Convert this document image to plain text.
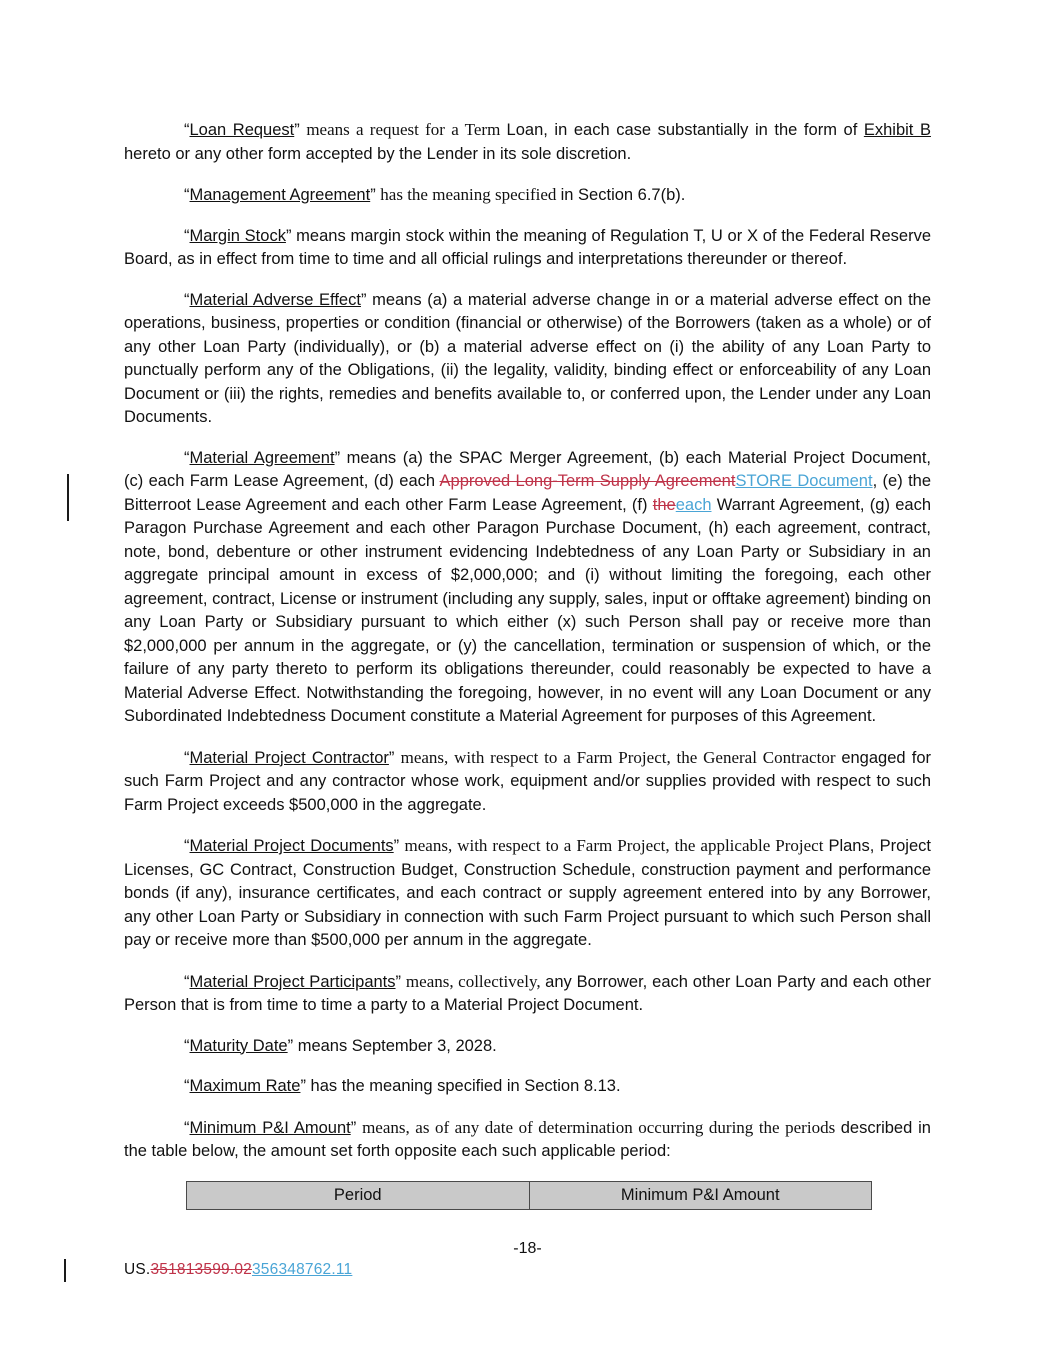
“Loan Request” means a request for a Term Loan, in each case substantially in the form of Exhibit B hereto or any other form accepted by the Lender in its sole discretion.

“Management Agreement” has the meaning specified in Section 6.7(b).

“Margin Stock” means margin stock within the meaning of Regulation T, U or X of the Federal Reserve Board, as in effect from time to time and all official rulings and interpretations thereunder or thereof.

“Material Adverse Effect” means (a) a material adverse change in or a material adverse effect on the operations, business, properties or condition (financial or otherwise) of the Borrowers (taken as a whole) or of any other Loan Party (individually), or (b) a material adverse effect on (i) the ability of any Loan Party to punctually perform any of the Obligations, (ii) the legality, validity, binding effect or enforceability of any Loan Document or (iii) the rights, remedies and benefits available to, or conferred upon, the Lender under any Loan Documents.

“Material Agreement” means (a) the SPAC Merger Agreement, (b) each Material Project Document, (c) each Farm Lease Agreement, (d) each Approved Long-Term Supply AgreementSTORE Document, (e) the Bitterroot Lease Agreement and each other Farm Lease Agreement, (f) theeach Warrant Agreement, (g) each Paragon Purchase Agreement and each other Paragon Purchase Document, (h) each agreement, contract, note, bond, debenture or other instrument evidencing Indebtedness of any Loan Party or Subsidiary in an aggregate principal amount in excess of $2,000,000; and (i) without limiting the foregoing, each other agreement, contract, License or instrument (including any supply, sales, input or offtake agreement) binding on any Loan Party or Subsidiary pursuant to which either (x) such Person shall pay or receive more than $2,000,000 per annum in the aggregate, or (y) the cancellation, termination or suspension of which, or the failure of any party thereto to perform its obligations thereunder, could reasonably be expected to have a Material Adverse Effect. Notwithstanding the foregoing, however, in no event will any Loan Document or any Subordinated Indebtedness Document constitute a Material Agreement for purposes of this Agreement.

“Material Project Contractor” means, with respect to a Farm Project, the General Contractor engaged for such Farm Project and any contractor whose work, equipment and/or supplies provided with respect to such Farm Project exceeds $500,000 in the aggregate.

“Material Project Documents” means, with respect to a Farm Project, the applicable Project Plans, Project Licenses, GC Contract, Construction Budget, Construction Schedule, construction payment and performance bonds (if any), insurance certificates, and each contract or supply agreement entered into by any Borrower, any other Loan Party or Subsidiary in connection with such Farm Project pursuant to which such Person shall pay or receive more than $500,000 per annum in the aggregate.

“Material Project Participants” means, collectively, any Borrower, each other Loan Party and each other Person that is from time to time a party to a Material Project Document.

“Maturity Date” means September 3, 2028.

“Maximum Rate” has the meaning specified in Section 8.13.

“Minimum P&I Amount” means, as of any date of determination occurring during the periods described in the table below, the amount set forth opposite each such applicable period:

Period	Minimum P&I Amount
-18-
US.351813599.02356348762.11
